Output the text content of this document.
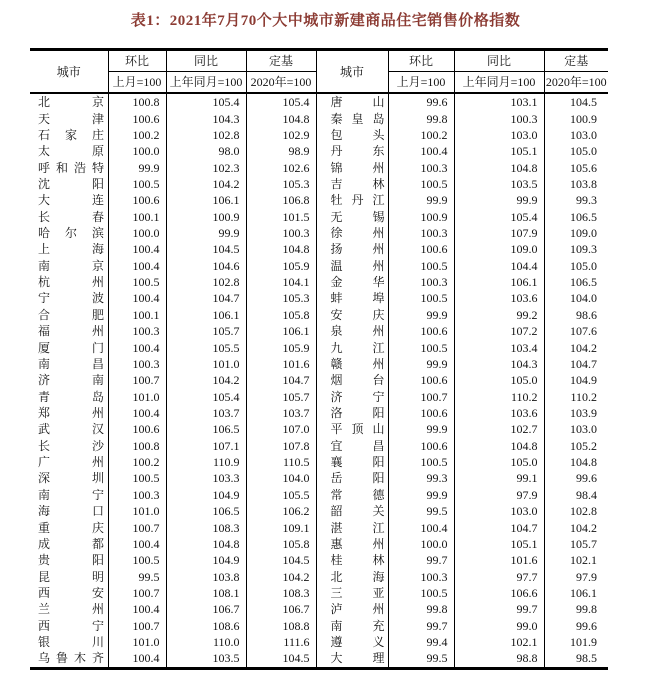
表1：2021年7月70个大中城市新建商品住宅销售价格指数
城市	环比	同比	定基	城市	环比	同比	定基
	上月=100	上年同月=100	2020年=100		上月=100	上年同月=100	2020年=100
北京	100.8	105.4	105.4	唐山	99.6	103.1	104.5
天津	100.6	104.3	104.8	秦皇岛	99.8	100.3	100.9
石家庄	100.2	102.8	102.9	包头	100.2	103.0	103.0
太原	100.0	98.0	98.9	丹东	100.4	105.1	105.0
呼和浩特	99.9	102.3	102.6	锦州	100.3	104.8	105.6
沈阳	100.5	104.2	105.3	吉林	100.5	103.5	103.8
大连	100.6	106.1	106.8	牡丹江	99.9	99.9	99.3
长春	100.1	100.9	101.5	无锡	100.9	105.4	106.5
哈尔滨	100.0	99.9	100.3	徐州	100.3	107.9	109.0
上海	100.4	104.5	104.8	扬州	100.6	109.0	109.3
南京	100.4	104.6	105.9	温州	100.5	104.4	105.0
杭州	100.5	102.8	104.1	金华	100.3	106.1	106.5
宁波	100.4	104.7	105.3	蚌埠	100.5	103.6	104.0
合肥	100.1	106.1	105.8	安庆	99.9	99.2	98.6
福州	100.3	105.7	106.1	泉州	100.6	107.2	107.6
厦门	100.4	105.5	105.9	九江	100.5	103.4	104.2
南昌	100.3	101.0	101.6	赣州	99.9	104.3	104.7
济南	100.7	104.2	104.7	烟台	100.6	105.0	104.9
青岛	101.0	105.4	105.7	济宁	100.7	110.2	110.2
郑州	100.4	103.7	103.7	洛阳	100.6	103.6	103.9
武汉	100.6	106.5	107.0	平顶山	99.9	102.7	103.0
长沙	100.8	107.1	107.8	宜昌	100.6	104.8	105.2
广州	100.2	110.9	110.5	襄阳	100.5	105.0	104.8
深圳	100.5	103.3	104.0	岳阳	99.3	99.1	99.6
南宁	100.3	104.9	105.5	常德	99.9	97.9	98.4
海口	101.0	106.5	106.2	韶关	99.5	103.0	102.8
重庆	100.7	108.3	109.1	湛江	100.4	104.7	104.2
成都	100.4	104.8	105.8	惠州	100.0	105.1	105.7
贵阳	100.5	104.9	104.5	桂林	99.7	101.6	102.1
昆明	99.5	103.8	104.2	北海	100.3	97.7	97.9
西安	100.7	108.1	108.3	三亚	100.5	106.6	106.1
兰州	100.4	106.7	106.7	泸州	99.8	99.7	99.8
西宁	100.7	108.6	108.8	南充	99.7	99.0	99.6
银川	101.0	110.0	111.6	遵义	99.4	102.1	101.9
乌鲁木齐	100.4	103.5	104.5	大理	99.5	98.8	98.5
